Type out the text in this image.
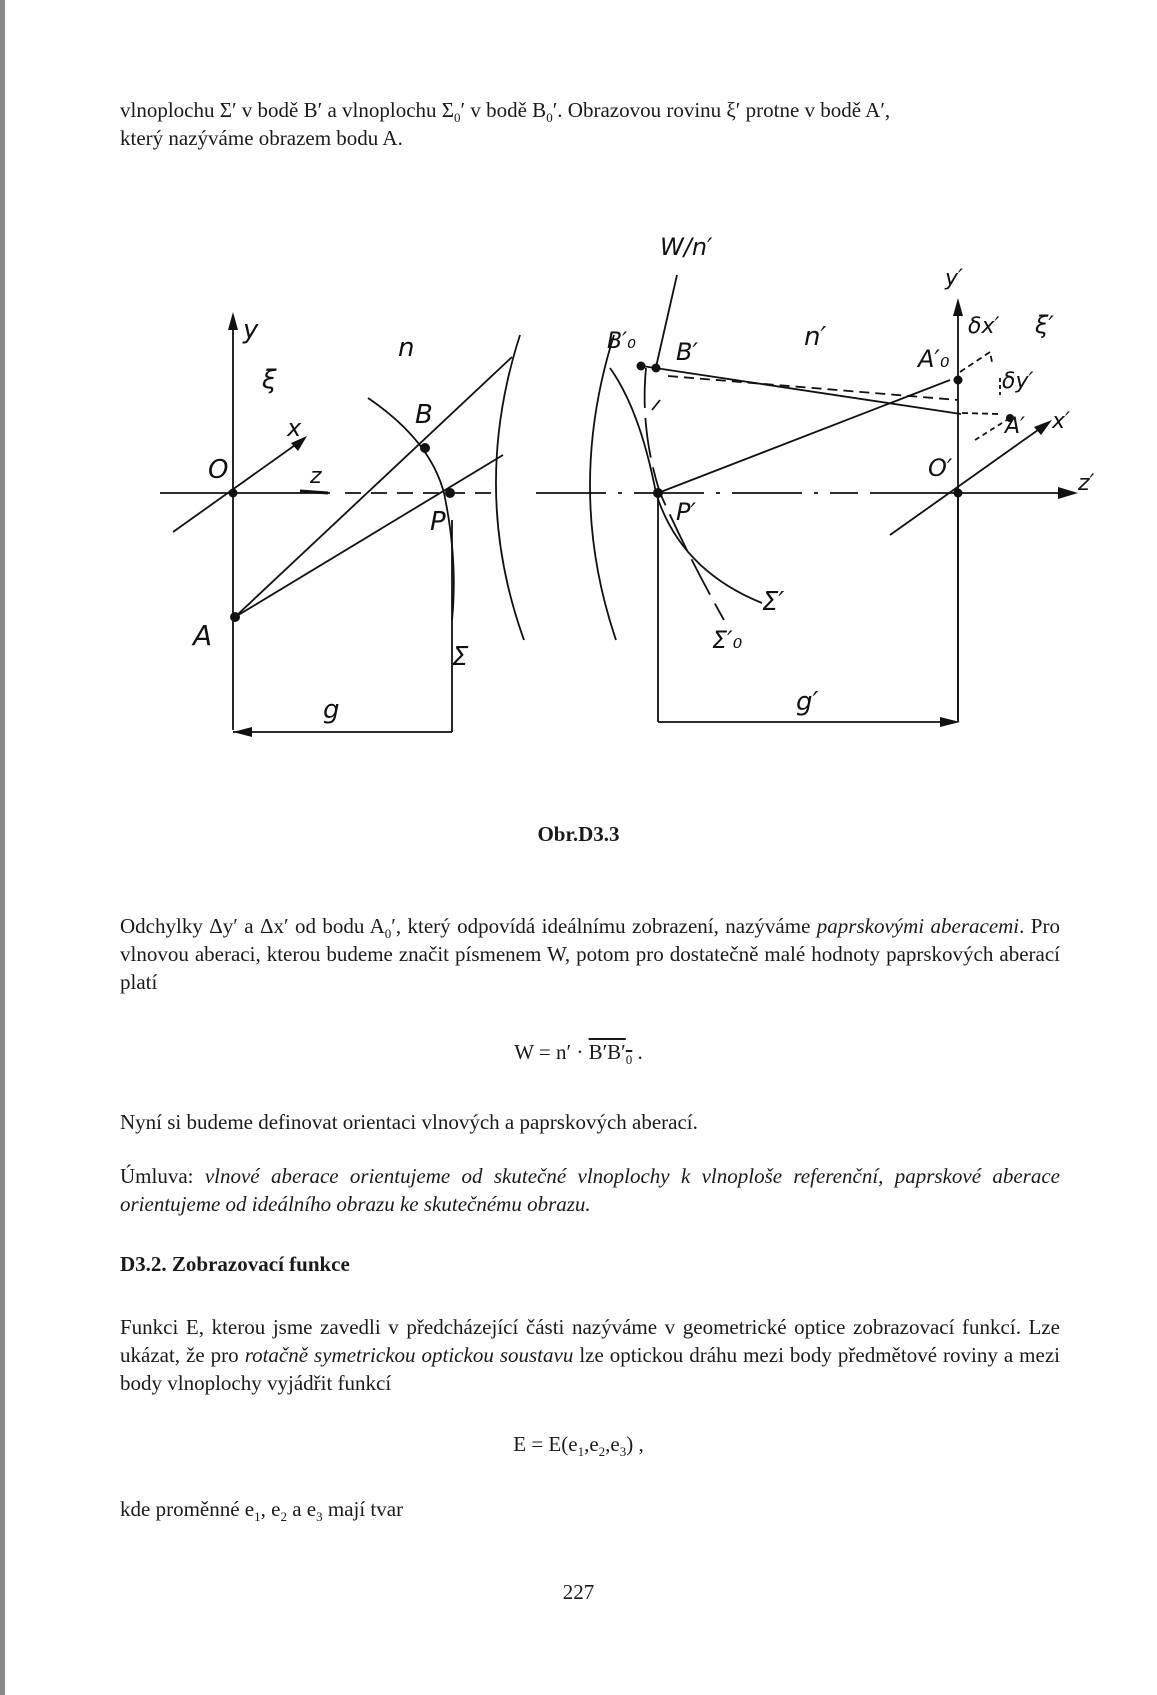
vlnoplochu Σ′ v bodě B′ a vlnoplochu $\Sigma_0'$ v bodě $B_0'$. Obrazovou rovinu ξ′ protne v bodě A′,
který nazýváme obrazem bodu A.

y
ξ
x
O	z
A
n
B
P
Σ
g
W/n′
B′₀ B′	n′
P′
Σ′
Σ′₀
g′
y′
A′₀
δx′ ξ′
δy′
A′ x′
O′
z′

Obr.D3.3

Odchylky Δy′ a Δx′ od bodu $A_0'$, který odpovídá ideálnímu zobrazení, nazýváme paprskovými aberacemi. Pro vlnovou aberaci, kterou budeme značit písmenem W, potom pro dostatečně malé hodnoty paprskových aberací platí

$W = n' \cdot B'B'_0$ .

Nyní si budeme definovat orientaci vlnových a paprskových aberací.

Úmluva: vlnové aberace orientujeme od skutečné vlnoplochy k vlnoploše referenční, paprskové aberace orientujeme od ideálního obrazu ke skutečnému obrazu.

D3.2. Zobrazovací funkce

Funkci E, kterou jsme zavedli v předcházející části nazýváme v geometrické optice zobrazovací funkcí. Lze ukázat, že pro rotačně symetrickou optickou soustavu lze optickou dráhu mezi body předmětové roviny a mezi body vlnoplochy vyjádřit funkcí

$E = E(e_1,e_2,e_3)$ ,

kde proměnné $e_1$, $e_2$ a $e_3$ mají tvar

227
